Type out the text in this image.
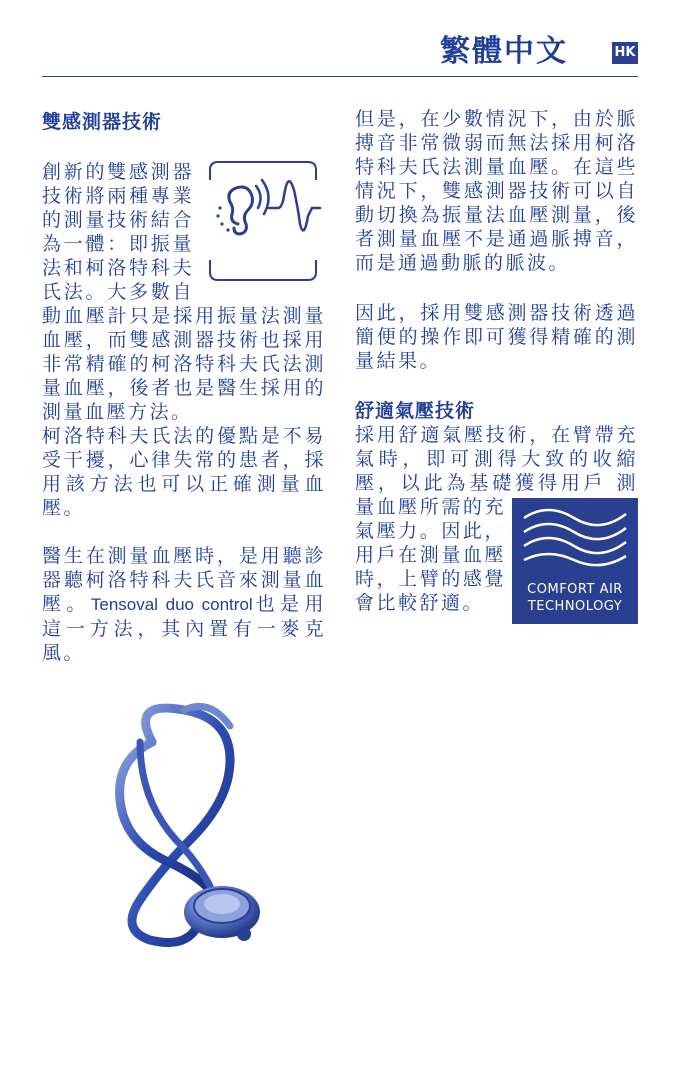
繁體中文	HK
雙感測器技術
創新的雙感測器技術將兩種專業的測量技術結合為一體：即振量法和柯洛特科夫氏法。大多數自動血壓計只是採用振量法測量血壓，而雙感測器技術也採用非常精確的柯洛特科夫氏法測量血壓，後者也是醫生採用的測量血壓方法。

柯洛特科夫氏法的優點是不易受干擾，心律失常的患者，採用該方法也可以正確測量血壓。

醫生在測量血壓時，是用聽診器聽柯洛特科夫氏音來測量血壓。Tensoval duo control也是用這一方法，其內置有一麥克風。

但是，在少數情況下，由於脈搏音非常微弱而無法採用柯洛特科夫氏法測量血壓。在這些情況下，雙感測器技術可以自動切換為振量法血壓測量，後者測量血壓不是通過脈搏音，而是通過動脈的脈波。

因此，採用雙感測器技術透過簡便的操作即可獲得精確的測量結果。

舒適氣壓技術
採用舒適氣壓技術，在臂帶充氣時，即可測得大致的收縮壓，以此為基礎獲得用戶
COMFORT AIR
TECHNOLOGY
測量血壓所需的充氣壓力。因此，用戶在測量血壓時，上臂的感覺會比較舒適。
